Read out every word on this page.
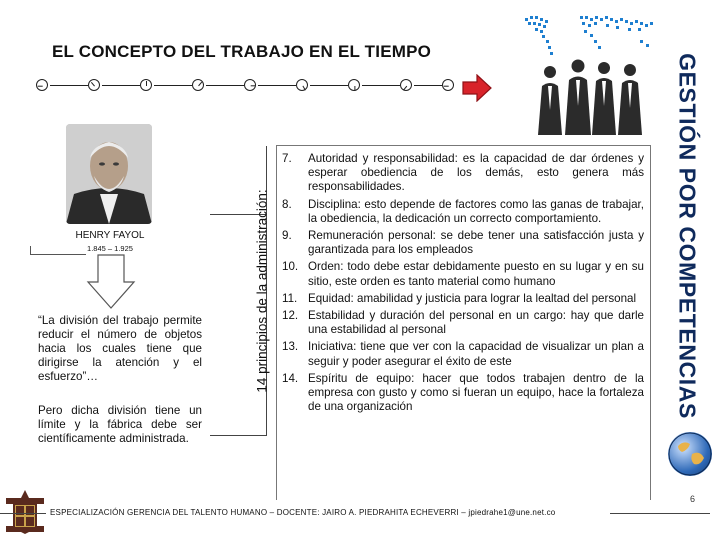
EL CONCEPTO DEL TRABAJO EN EL TIEMPO
HENRY FAYOL
1.845 – 1.925
“La división del trabajo permite reducir el número de objetos hacia los cuales tiene que dirigirse la atención y el esfuerzo”…
Pero dicha división tiene un límite y la fábrica debe ser científicamente administrada.
14 principios de la administración:
7.	Autoridad y responsabilidad: es la capacidad de dar órdenes y esperar obediencia de los demás, esto genera más responsabilidades.
8.	Disciplina: esto depende de factores como las ganas de trabajar, la obediencia, la dedicación un correcto comportamiento.
9.	Remuneración personal: se debe tener una satisfacción justa y garantizada para los empleados
10. Orden: todo debe estar debidamente puesto en su lugar y en su sitio, este orden es tanto material como humano
11. Equidad: amabilidad y justicia para lograr la lealtad del personal
12. Estabilidad y duración del personal en un cargo: hay que darle una estabilidad al personal
13. Iniciativa: tiene que ver con la capacidad de visualizar un plan a seguir y poder asegurar el éxito de este
14. Espíritu de equipo: hacer que todos trabajen dentro de la empresa con gusto y como si fueran un equipo, hace la fortaleza de una organización	GESTIÓN POR COMPETENCIAS
6
ESPECIALIZACIÓN GERENCIA DEL TALENTO HUMANO – DOCENTE: JAIRO A. PIEDRAHITA ECHEVERRI – jpiedrahe1@une.net.co
